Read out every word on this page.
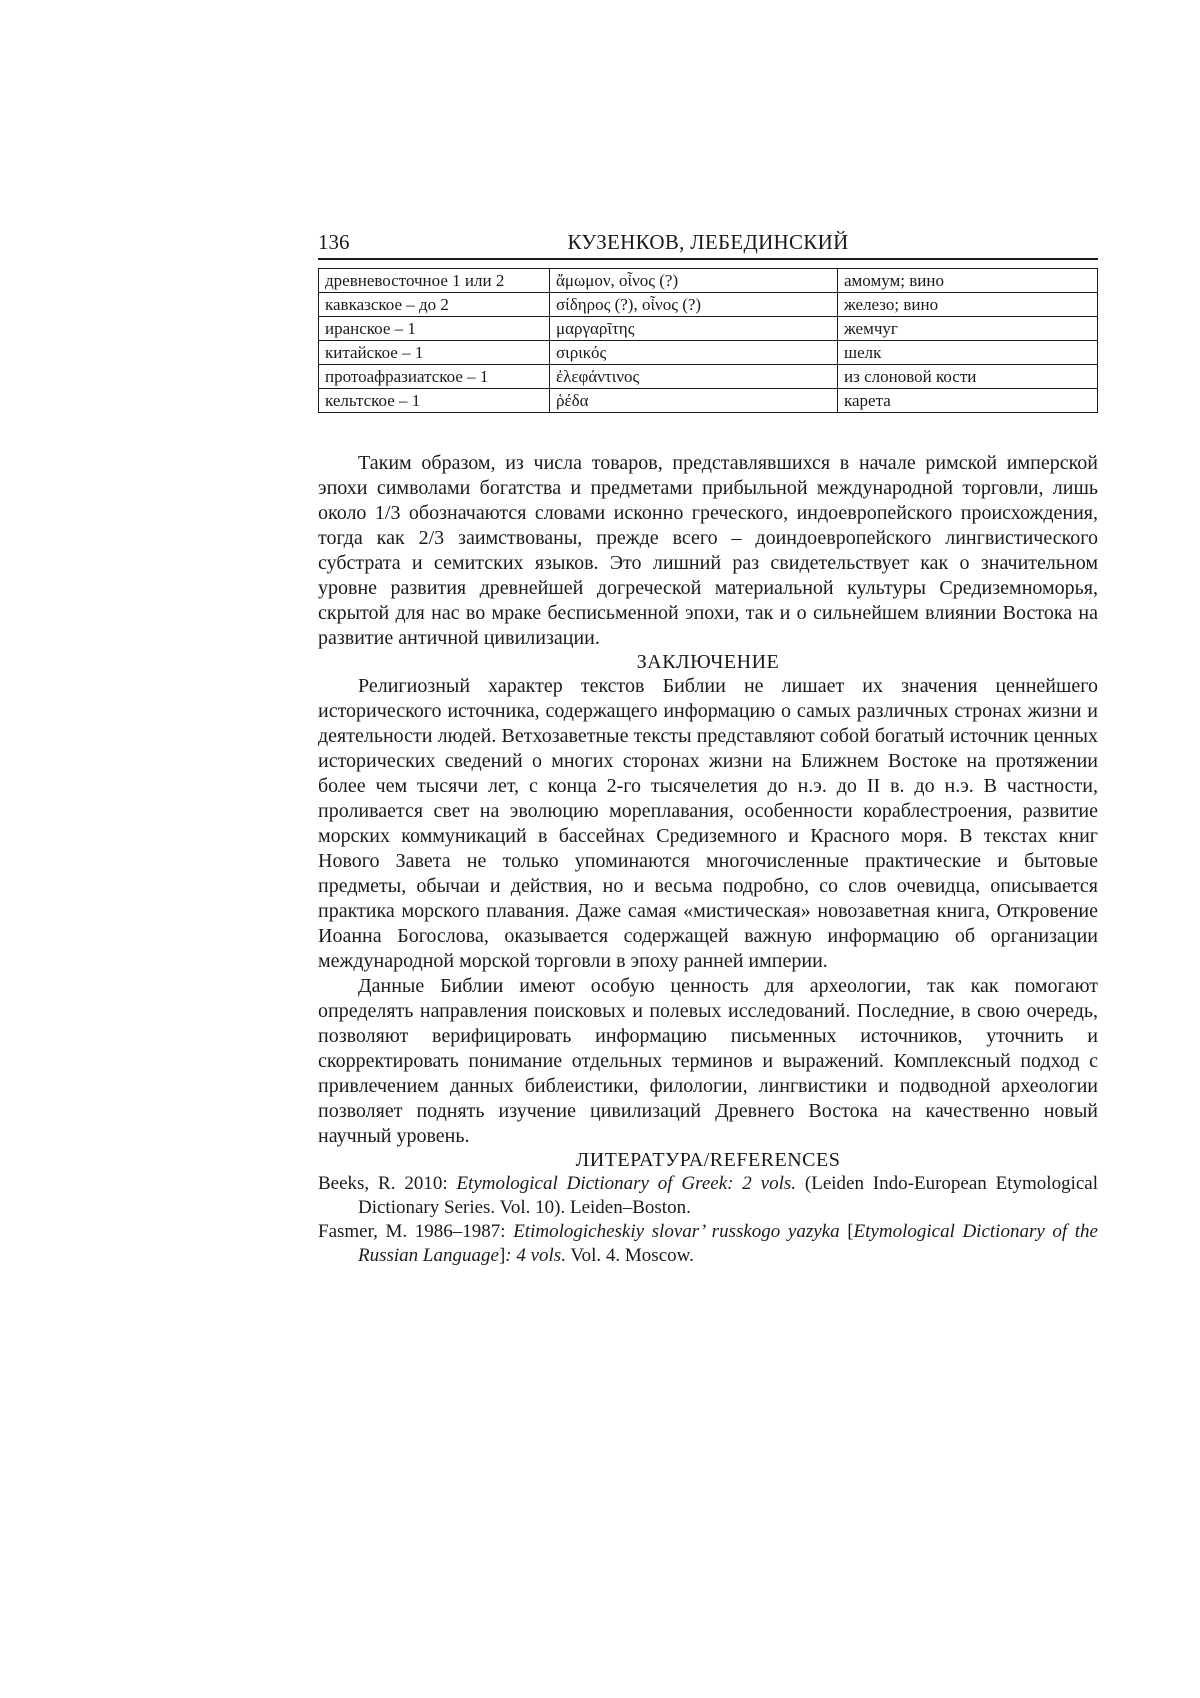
136	КУЗЕНКОВ, ЛЕБЕДИНСКИЙ
древневосточное 1 или 2	ἄμωμον, οἶνος (?)	амомум; вино
кавказское – до 2	σίδηρος (?), οἶνος (?)	железо; вино
иранское – 1	μαργαρῖτης	жемчуг
китайское – 1	σιρικός	шелк
протоафразиатское – 1	ἐλεφάντινος	из слоновой кости
кельтское – 1	ῥέδα	карета

Таким образом, из числа товаров, представлявшихся в начале римской имперской эпохи символами богатства и предметами прибыльной международной торговли, лишь около 1/3 обозначаются словами исконно греческого, индоевропейского происхождения, тогда как 2/3 заимствованы, прежде всего – доиндоевропейского лингвистического субстрата и семитских языков. Это лишний раз свидетельствует как о значительном уровне развития древнейшей догреческой материальной культуры Средиземноморья, скрытой для нас во мраке бесписьменной эпохи, так и о сильнейшем влиянии Востока на развитие античной цивилизации.

ЗАКЛЮЧЕНИЕ

Религиозный характер текстов Библии не лишает их значения ценнейшего исторического источника, содержащего информацию о самых различных стронах жизни и деятельности людей. Ветхозаветные тексты представляют собой богатый источник ценных исторических сведений о многих сторонах жизни на Ближнем Востоке на протяжении более чем тысячи лет, с конца 2-го тысячелетия до н.э. до II в. до н.э. В частности, проливается свет на эволюцию мореплавания, особенности кораблестроения, развитие морских коммуникаций в бассейнах Средиземного и Красного моря. В текстах книг Нового Завета не только упоминаются многочисленные практические и бытовые предметы, обычаи и действия, но и весьма подробно, со слов очевидца, описывается практика морского плавания. Даже самая «мистическая» новозаветная книга, Откровение Иоанна Богослова, оказывается содержащей важную информацию об организации международной морской торговли в эпоху ранней империи.

Данные Библии имеют особую ценность для археологии, так как помогают определять направления поисковых и полевых исследований. Последние, в свою очередь, позволяют верифицировать информацию письменных источников, уточнить и скорректировать понимание отдельных терминов и выражений. Комплексный подход с привлечением данных библеистики, филологии, лингвистики и подводной археологии позволяет поднять изучение цивилизаций Древнего Востока на качественно новый научный уровень.

ЛИТЕРАТУРА/REFERENCES

Beeks, R. 2010: Etymological Dictionary of Greek: 2 vols. (Leiden Indo-European Etymological Dictionary Series. Vol. 10). Leiden–Boston.

Fasmer, M. 1986–1987: Etimologicheskiy slovar’ russkogo yazyka [Etymological Dictionary of the Russian Language]: 4 vols. Vol. 4. Moscow.
